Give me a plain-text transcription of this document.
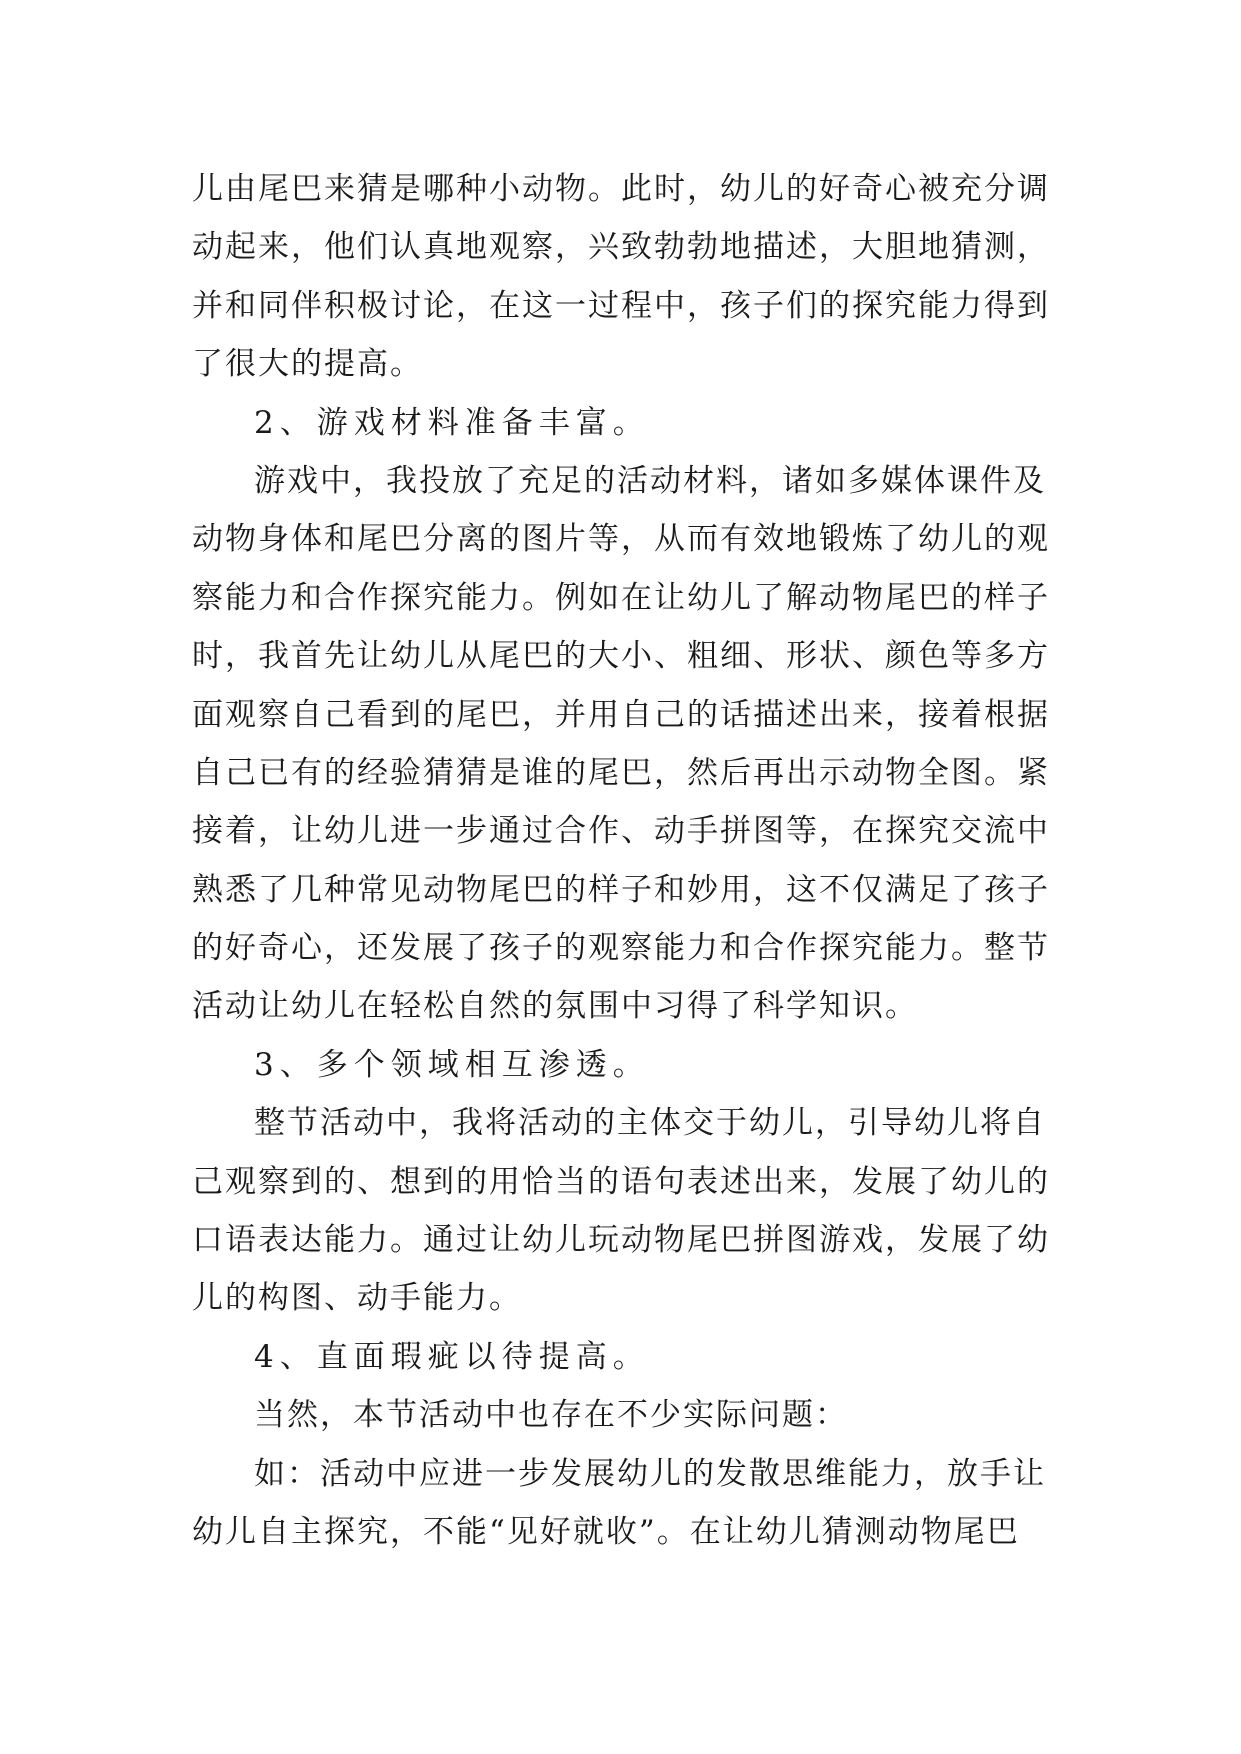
儿由尾巴来猜是哪种小动物。此时，幼儿的好奇心被充分调
动起来，他们认真地观察，兴致勃勃地描述，大胆地猜测，
并和同伴积极讨论，在这一过程中，孩子们的探究能力得到
了很大的提高。
2、游戏材料准备丰富。
游戏中，我投放了充足的活动材料，诸如多媒体课件及
动物身体和尾巴分离的图片等，从而有效地锻炼了幼儿的观
察能力和合作探究能力。例如在让幼儿了解动物尾巴的样子
时，我首先让幼儿从尾巴的大小、粗细、形状、颜色等多方
面观察自己看到的尾巴，并用自己的话描述出来，接着根据
自己已有的经验猜猜是谁的尾巴，然后再出示动物全图。紧
接着，让幼儿进一步通过合作、动手拼图等，在探究交流中
熟悉了几种常见动物尾巴的样子和妙用，这不仅满足了孩子
的好奇心，还发展了孩子的观察能力和合作探究能力。整节
活动让幼儿在轻松自然的氛围中习得了科学知识。
3、多个领域相互渗透。
整节活动中，我将活动的主体交于幼儿，引导幼儿将自
己观察到的、想到的用恰当的语句表述出来，发展了幼儿的
口语表达能力。通过让幼儿玩动物尾巴拼图游戏，发展了幼
儿的构图、动手能力。
4、直面瑕疵以待提高。
当然，本节活动中也存在不少实际问题：
如：活动中应进一步发展幼儿的发散思维能力，放手让
幼儿自主探究，不能“见好就收”。在让幼儿猜测动物尾巴
